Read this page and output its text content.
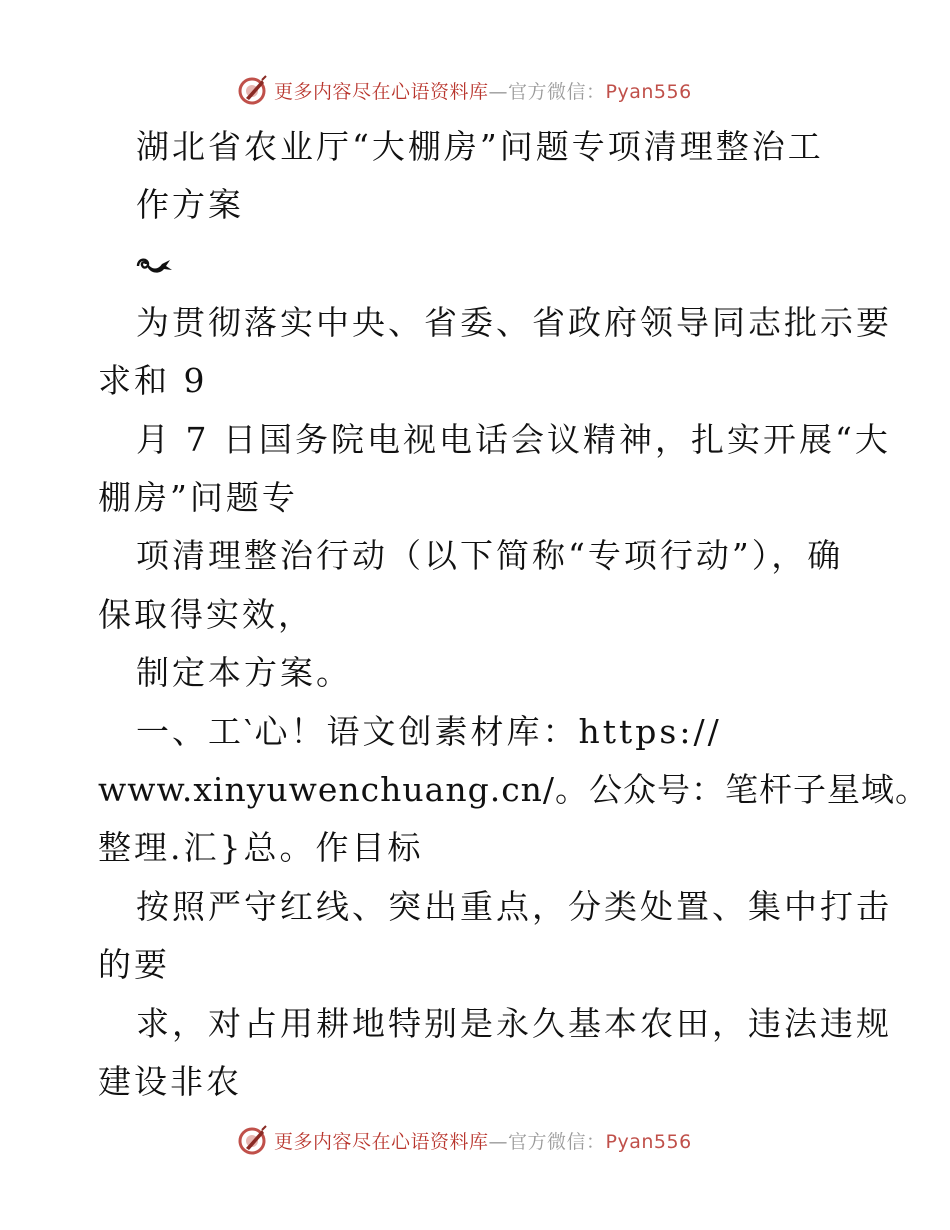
更多内容尽在心语资料库—官方微信：Pyan556
湖北省农业厅“大棚房”问题专项清理整治工
作方案
为贯彻落实中央、省委、省政府领导同志批示要
求和 9
月 7 日国务院电视电话会议精神，扎实开展“大
棚房”问题专
项清理整治行动（以下简称“专项行动”），确
保取得实效，
制定本方案。
一、工‵心！语文创素材库：https://
www.xinyuwenchuang.cn/。公众号：笔杆子星域。
整理.汇}总。作目标
按照严守红线、突出重点，分类处置、集中打击
的要
求，对占用耕地特别是永久基本农田，违法违规
建设非农
更多内容尽在心语资料库—官方微信：Pyan556
